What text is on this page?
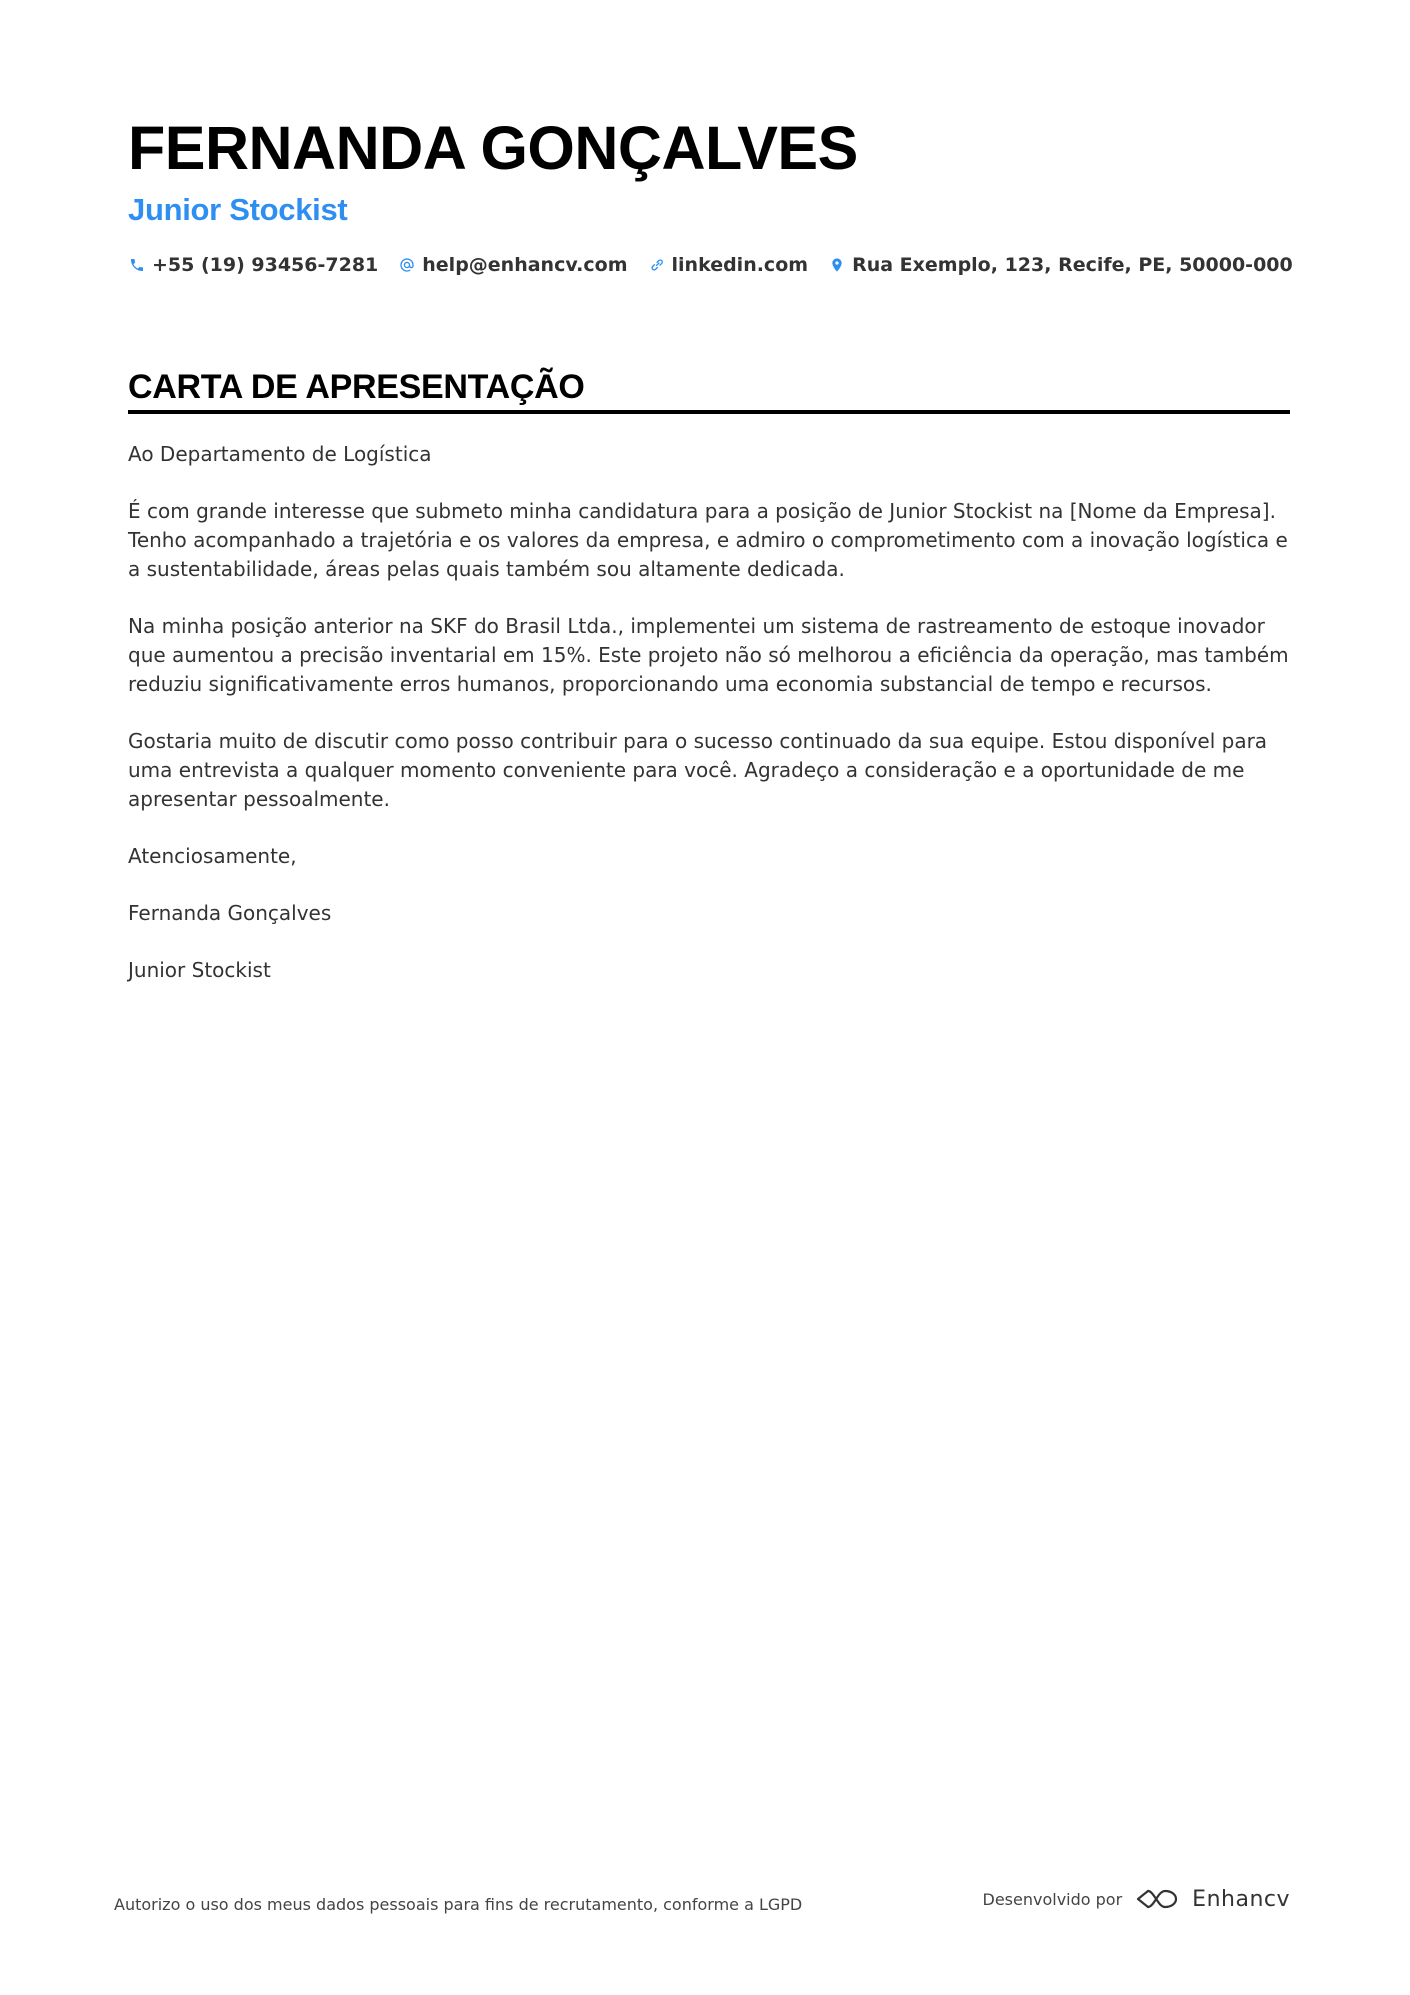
FERNANDA GONÇALVES
Junior Stockist
+55 (19) 93456-7281 help@enhancv.com linkedin.com Rua Exemplo, 123, Recife, PE, 50000-000
CARTA DE APRESENTAÇÃO

Ao Departamento de Logística

É com grande interesse que submeto minha candidatura para a posição de Junior Stockist na [Nome da Empresa]. Tenho acompanhado a trajetória e os valores da empresa, e admiro o comprometimento com a inovação logística e a sustentabilidade, áreas pelas quais também sou altamente dedicada.

Na minha posição anterior na SKF do Brasil Ltda., implementei um sistema de rastreamento de estoque inovador que aumentou a precisão inventarial em 15%. Este projeto não só melhorou a eficiência da operação, mas também reduziu significativamente erros humanos, proporcionando uma economia substancial de tempo e recursos.

Gostaria muito de discutir como posso contribuir para o sucesso continuado da sua equipe. Estou disponível para uma entrevista a qualquer momento conveniente para você. Agradeço a consideração e a oportunidade de me apresentar pessoalmente.

Atenciosamente,

Fernanda Gonçalves

Junior Stockist

Autorizo o uso dos meus dados pessoais para fins de recrutamento, conforme a LGPD	Desenvolvido por	Enhancv
